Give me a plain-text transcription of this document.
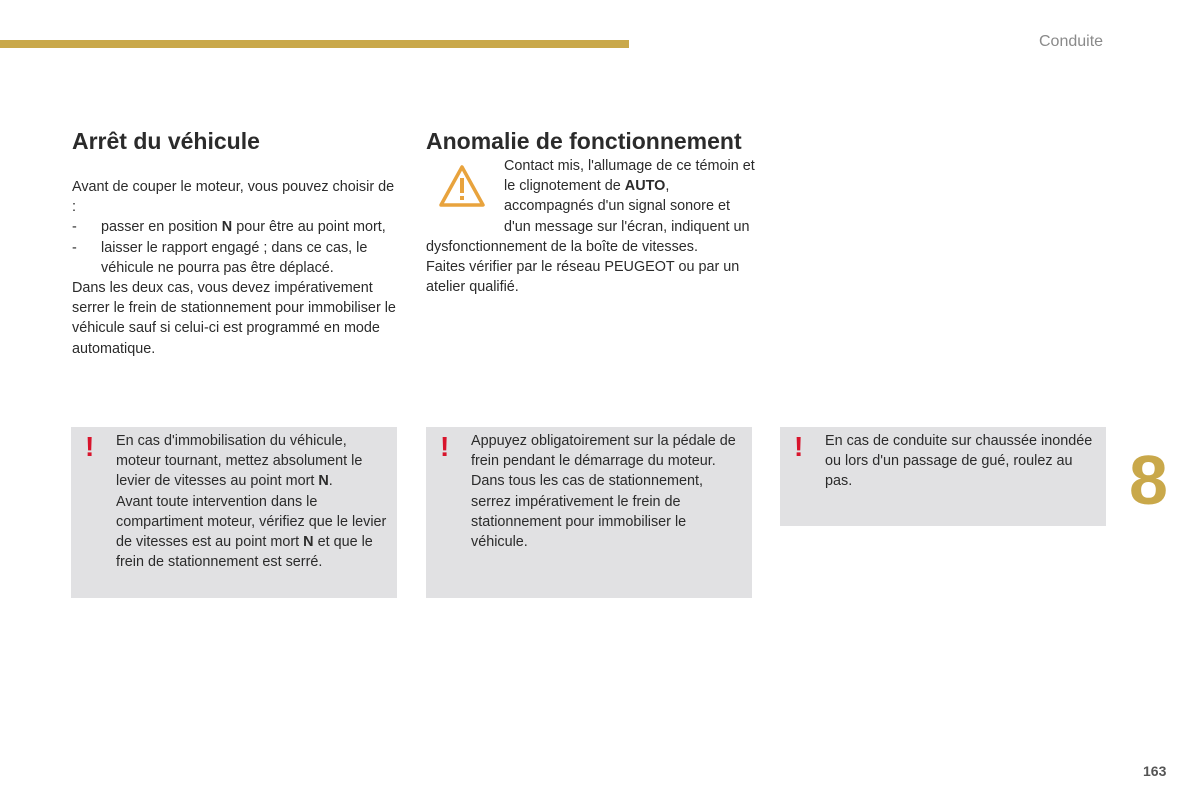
Conduite
Arrêt du véhicule

Avant de couper le moteur, vous pouvez choisir de :

- passer en position N pour être au point mort,
- laisser le rapport engagé ; dans ce cas, le véhicule ne pourra pas être déplacé.

Dans les deux cas, vous devez impérativement serrer le frein de stationnement pour immobiliser le véhicule sauf si celui-ci est programmé en mode automatique.

Anomalie de fonctionnement
Contact mis, l'allumage de ce témoin et le clignotement de AUTO, accompagnés d'un signal sonore et d'un message sur l'écran, indiquent un dysfonctionnement de la boîte de vitesses.

Faites vérifier par le réseau PEUGEOT ou par un atelier qualifié.

! En cas d'immobilisation du véhicule, moteur tournant, mettez absolument le levier de vitesses au point mort N.

Avant toute intervention dans le compartiment moteur, vérifiez que le levier de vitesses est au point mort N et que le frein de stationnement est serré.

! Appuyez obligatoirement sur la pédale de frein pendant le démarrage du moteur.

Dans tous les cas de stationnement, serrez impérativement le frein de stationnement pour immobiliser le véhicule.

! En cas de conduite sur chaussée inondée ou lors d'un passage de gué, roulez au pas.	8
163
